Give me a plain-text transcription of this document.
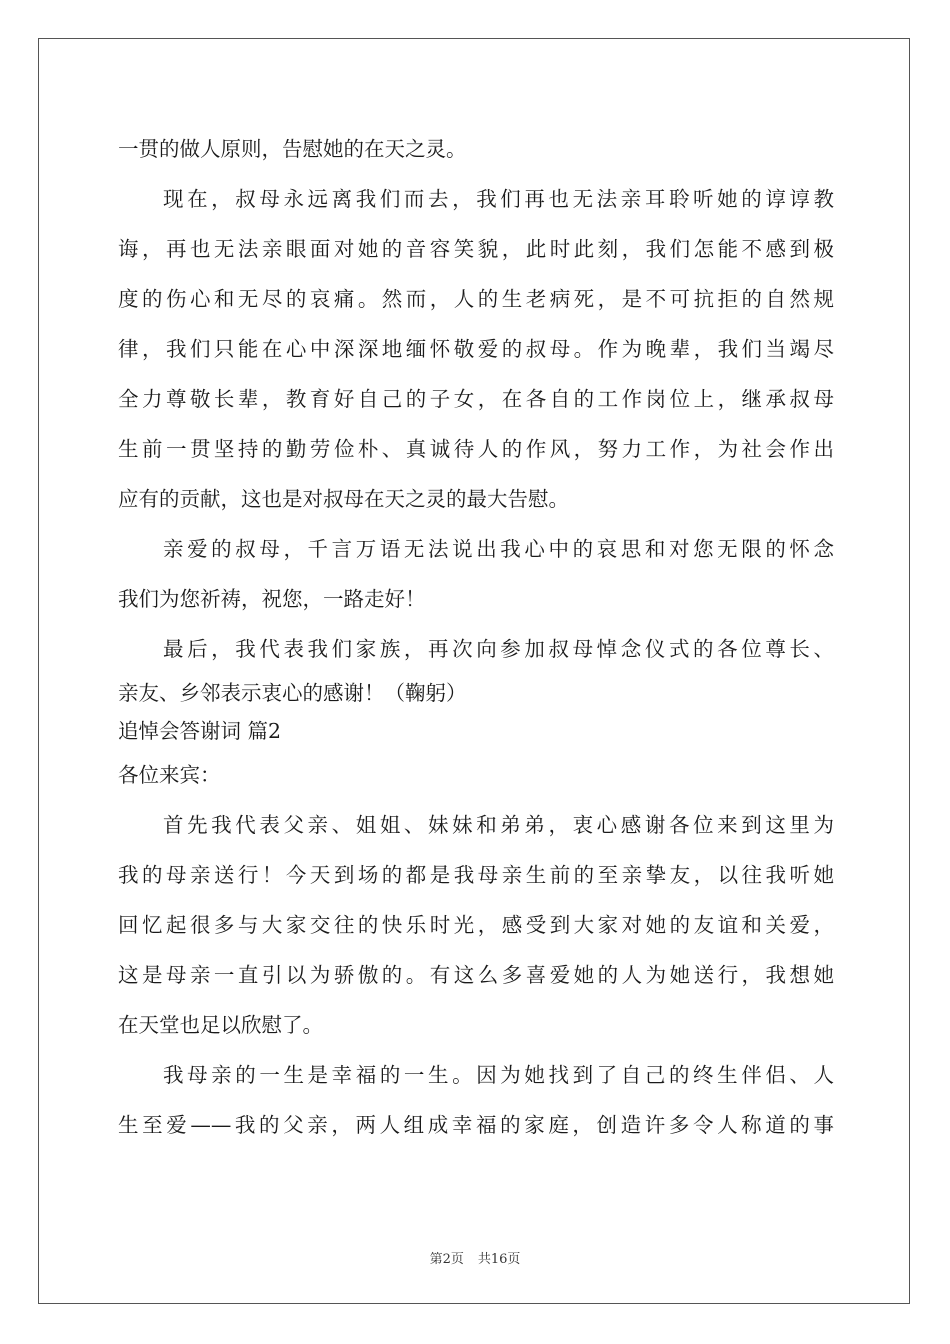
一贯的做人原则，告慰她的在天之灵。
现在，叔母永远离我们而去，我们再也无法亲耳聆听她的谆谆教
诲，再也无法亲眼面对她的音容笑貌，此时此刻，我们怎能不感到极
度的伤心和无尽的哀痛。然而，人的生老病死，是不可抗拒的自然规
律，我们只能在心中深深地缅怀敬爱的叔母。作为晚辈，我们当竭尽
全力尊敬长辈，教育好自己的子女，在各自的工作岗位上，继承叔母
生前一贯坚持的勤劳俭朴、真诚待人的作风，努力工作，为社会作出
应有的贡献，这也是对叔母在天之灵的最大告慰。
亲爱的叔母，千言万语无法说出我心中的哀思和对您无限的怀念
我们为您祈祷，祝您，一路走好！
最后，我代表我们家族，再次向参加叔母悼念仪式的各位尊长、
亲友、乡邻表示衷心的感谢！（鞠躬）
追悼会答谢词 篇2
各位来宾：
首先我代表父亲、姐姐、妹妹和弟弟，衷心感谢各位来到这里为
我的母亲送行！今天到场的都是我母亲生前的至亲挚友，以往我听她
回忆起很多与大家交往的快乐时光，感受到大家对她的友谊和关爱，
这是母亲一直引以为骄傲的。有这么多喜爱她的人为她送行，我想她
在天堂也足以欣慰了。
我母亲的一生是幸福的一生。因为她找到了自己的终生伴侣、人
生至爱——我的父亲，两人组成幸福的家庭，创造许多令人称道的事
第2页 共16页
